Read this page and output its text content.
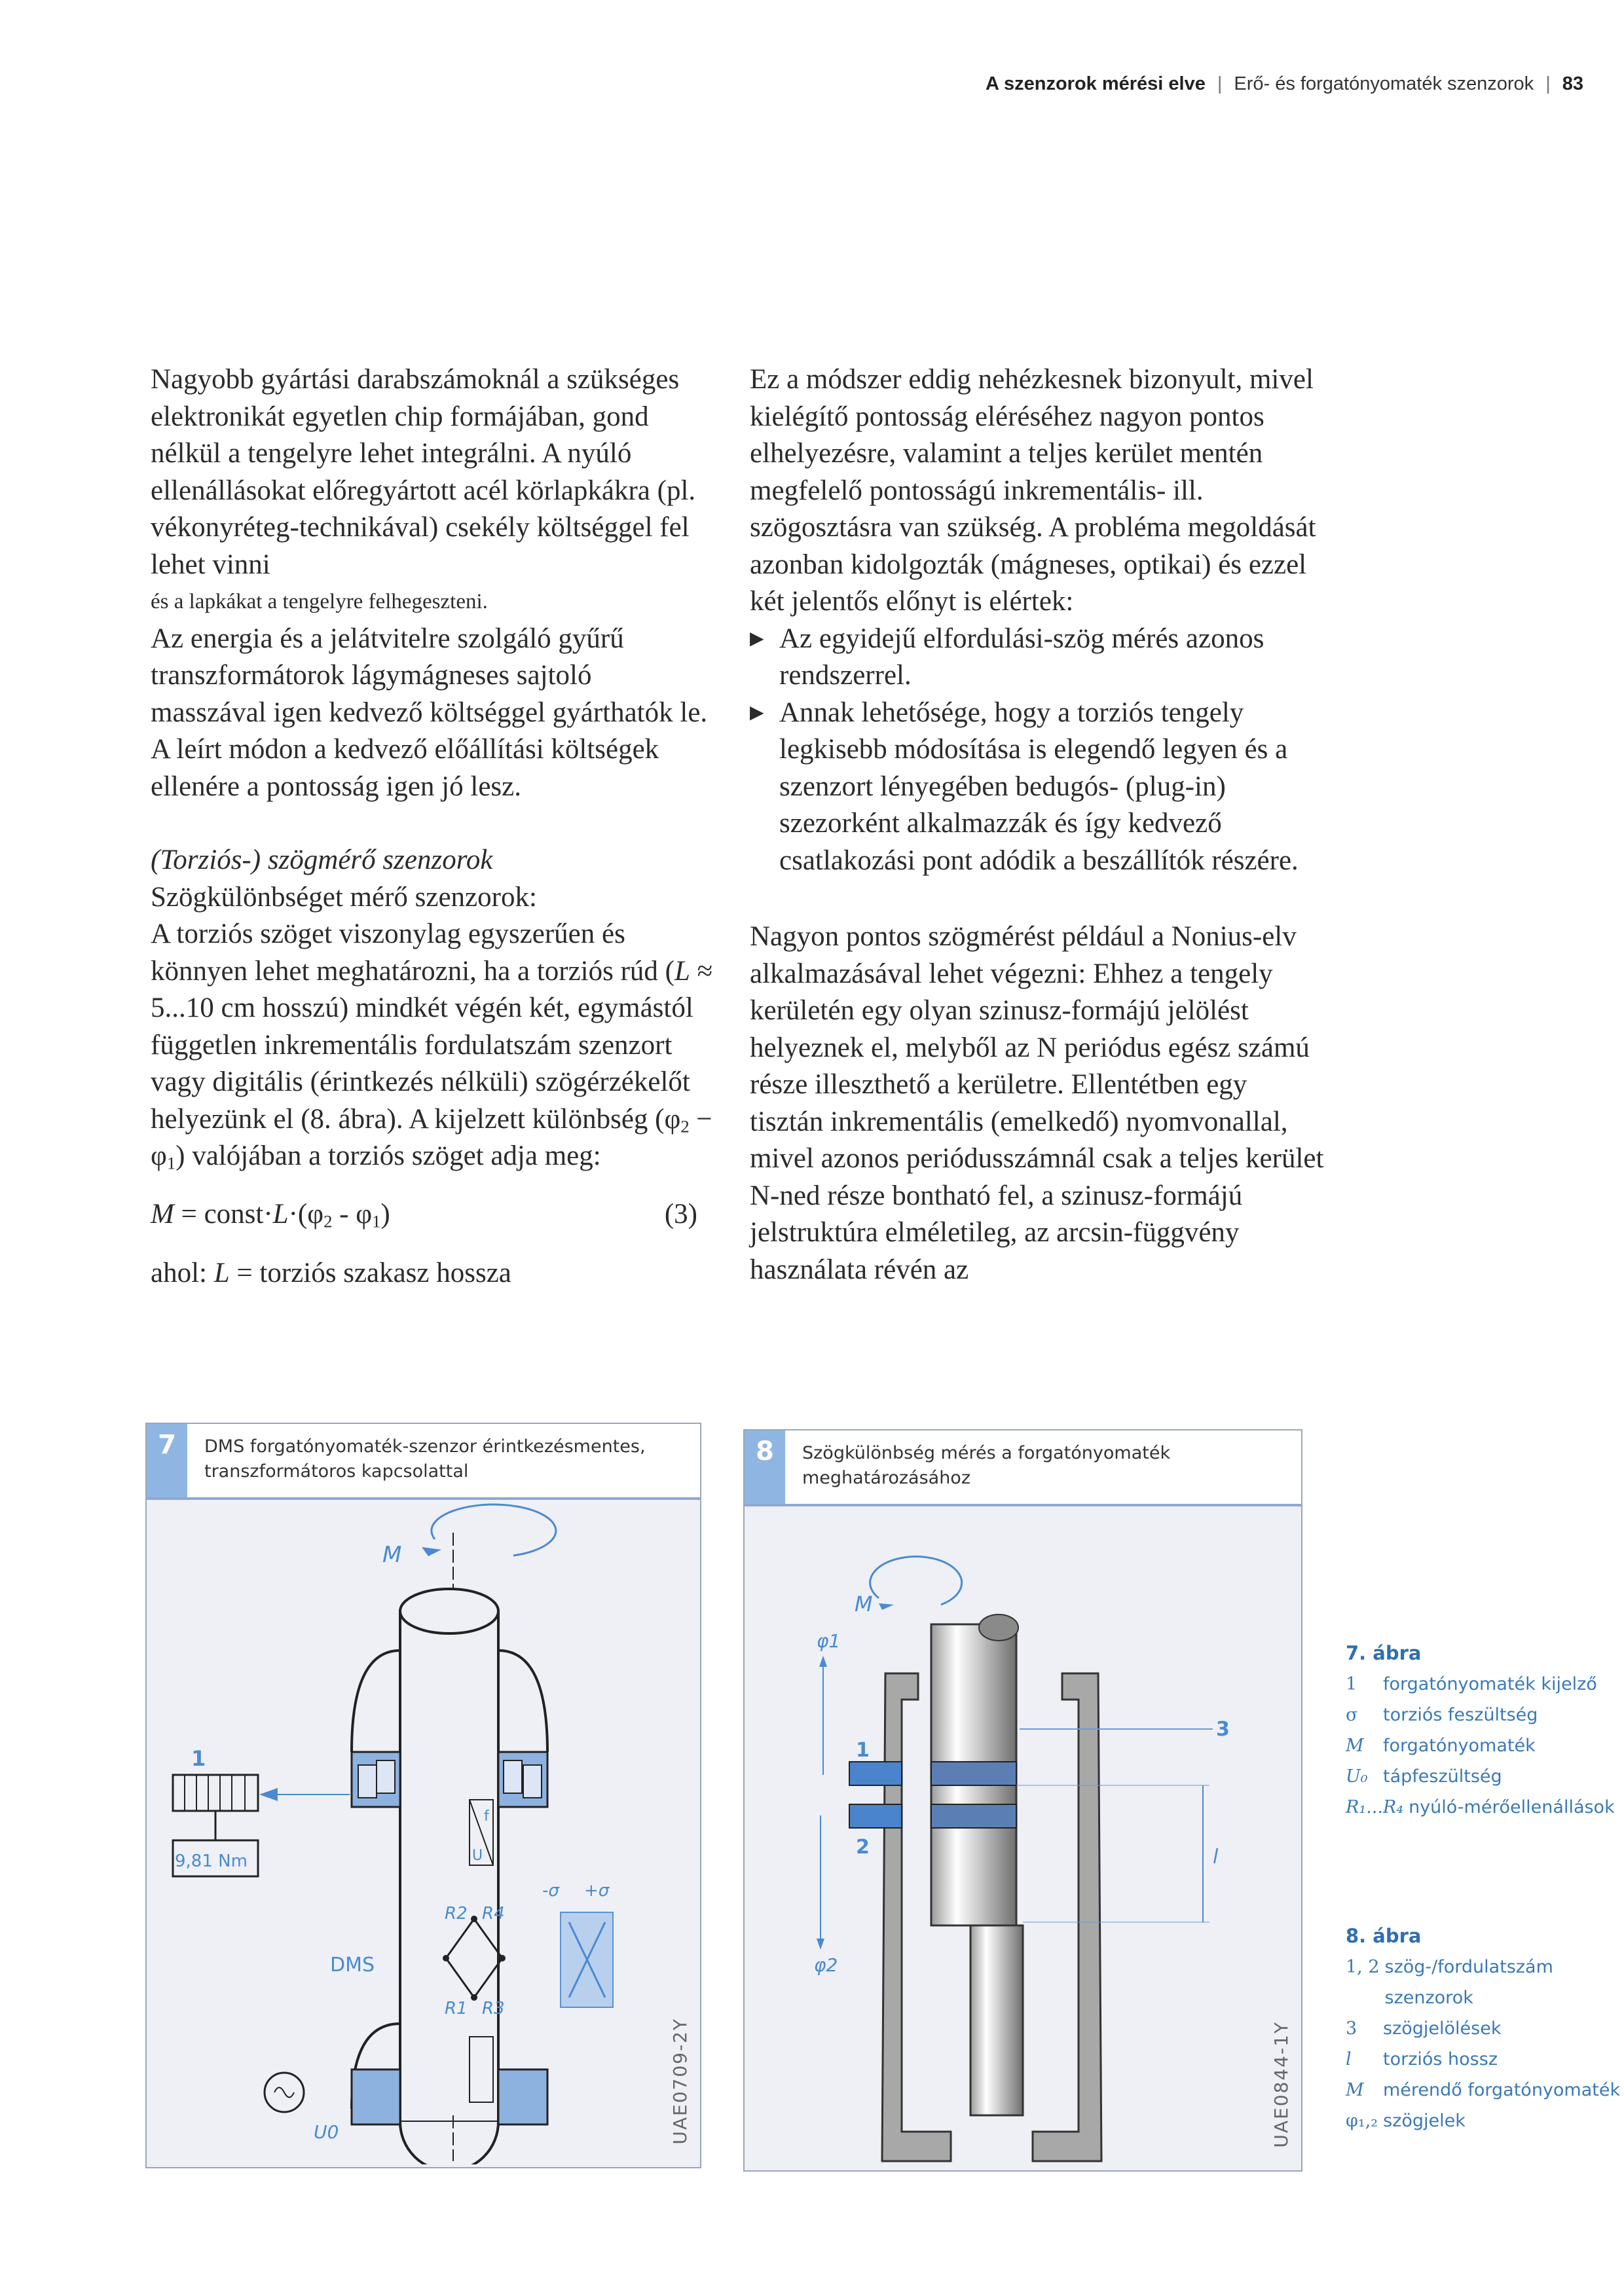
A szenzorok mérési elve | Erő- és forgatónyomaték szenzorok | 83

Nagyobb gyártási darabszámoknál a szükséges elektronikát egyetlen chip formájában, gond nélkül a tengelyre lehet integrálni. A nyúló ellenállásokat előregyártott acél körlapkákra (pl. vékonyréteg-technikával) csekély költséggel fel lehet vinni

és a lapkákat a tengelyre felhegeszteni.

Az energia és a jelátvitelre szolgáló gyűrű transzformátorok lágymágneses sajtoló masszával igen kedvező költséggel gyárthatók le. A leírt módon a kedvező előállítási költségek ellenére a pontosság igen jó lesz.

(Torziós-) szögmérő szenzorok

Szögkülönbséget mérő szenzorok:

A torziós szöget viszonylag egyszerűen és könnyen lehet meghatározni, ha a torziós rúd (L ≈ 5...10 cm hosszú) mindkét végén két, egymástól független inkrementális fordulatszám szenzort vagy digitális (érintkezés nélküli) szögérzékelőt helyezünk el (8. ábra). A kijelzett különbség $(\varphi_2 - \varphi_1)$ valójában a torziós szöget adja meg:

$M = const\cdot L\cdot(\varphi_2 - \varphi_1)$	(3)

ahol: L = torziós szakasz hossza

Ez a módszer eddig nehézkesnek bizonyult, mivel kielégítő pontosság eléréséhez nagyon pontos elhelyezésre, valamint a teljes kerület mentén megfelelő pontosságú inkrementális- ill. szögosztásra van szükség. A probléma megoldását azonban kidolgozták (mágneses, optikai) és ezzel két jelentős előnyt is elértek:

▶ Az egyidejű elfordulási-szög mérés azonos rendszerrel.

▶ Annak lehetősége, hogy a torziós tengely legkisebb módosítása is elegendő legyen és a szenzort lényegében bedugós- (plug-in) szezorként alkalmazzák és így kedvező csatlakozási pont adódik a beszállítók részére.

Nagyon pontos szögmérést például a Nonius-elv alkalmazásával lehet végezni: Ehhez a tengely kerületén egy olyan szinusz-formájú jelölést helyeznek el, melyből az N periódus egész számú része illeszthető a kerületre. Ellentétben egy tisztán inkrementális (emelkedő) nyomvonallal, mivel azonos periódusszámnál csak a teljes kerület N-ned része bontható fel, a szinusz-formájú jelstruktúra elméletileg, az arcsin-függvény használata révén az

7	DMS forgatónyomaték-szenzor érintkezésmentes, transzformátoros kapcsolattal
M
1
9,81 Nm
f
U
R2 R4
R1 R3
DMS
-σ +σ
U0	UAE0709-2Y
8	Szögkülönbség mérés a forgatónyomaték meghatározásához
M
1
2
3
φ1
φ2
l
UAE0844-1Y
7. ábra
1	forgatónyomaték kijelző
σ	torziós feszültség
M	forgatónyomaték
U₀ tápfeszültség
R₁...R₄ nyúló-mérőellenállások
8. ábra
1, 2 szög-/fordulatszám szenzorok
3	szögjelölések
l	torziós hossz
M	mérendő forgatónyomaték
φ₁,₂ szögjelek
